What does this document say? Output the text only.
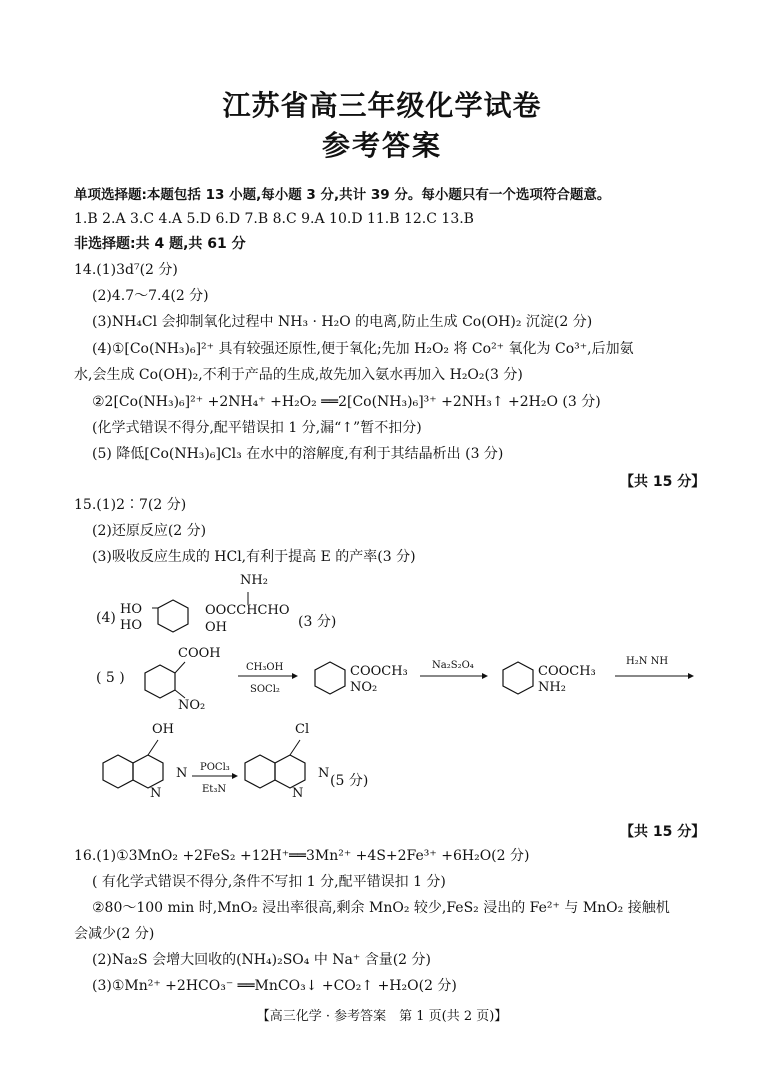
江苏省高三年级化学试卷
参考答案
单项选择题:本题包括 13 小题,每小题 3 分,共计 39 分。每小题只有一个选项符合题意。
1.B 2.A 3.C 4.A 5.D 6.D 7.B 8.C 9.A 10.D 11.B 12.C 13.B
非选择题:共 4 题,共 61 分
14.(1)3d⁷(2 分)
(2)4.7～7.4(2 分)
(3)NH₄Cl 会抑制氧化过程中 NH₃ · H₂O 的电离,防止生成 Co(OH)₂ 沉淀(2 分)
(4)①[Co(NH₃)₆]²⁺ 具有较强还原性,便于氧化;先加 H₂O₂ 将 Co²⁺ 氧化为 Co³⁺,后加氨
水,会生成 Co(OH)₂,不利于产品的生成,故先加入氨水再加入 H₂O₂(3 分)
②2[Co(NH₃)₆]²⁺ +2NH₄⁺ +H₂O₂ ══2[Co(NH₃)₆]³⁺ +2NH₃↑ +2H₂O (3 分)
(化学式错误不得分,配平错误扣 1 分,漏“↑”暂不扣分)
(5) 降低[Co(NH₃)₆]Cl₃ 在水中的溶解度,有利于其结晶析出 (3 分)
【共 15 分】
15.(1)2∶7(2 分)
(2)还原反应(2 分)
(3)吸收反应生成的 HCl,有利于提高 E 的产率(3 分)
(4)
NH₂
HO
HO
OOCCHCHO
OH	(3 分)
( 5 )
COOH
NO₂
CH₃OH
SOCl₂
COOCH₃
NO₂
Na₂S₂O₄	COOCH₃
NH₂
H₂N NH
OH
N
N
POCl₃
Et₃N
Cl
N
N
(5 分)
【共 15 分】
16.(1)①3MnO₂ +2FeS₂ +12H⁺══3Mn²⁺ +4S+2Fe³⁺ +6H₂O(2 分)
( 有化学式错误不得分,条件不写扣 1 分,配平错误扣 1 分)
②80～100 min 时,MnO₂ 浸出率很高,剩余 MnO₂ 较少,FeS₂ 浸出的 Fe²⁺ 与 MnO₂ 接触机
会减少(2 分)
(2)Na₂S 会增大回收的(NH₄)₂SO₄ 中 Na⁺ 含量(2 分)
(3)①Mn²⁺ +2HCO₃⁻ ══MnCO₃↓ +CO₂↑ +H₂O(2 分)
【高三化学 · 参考答案　第 1 页(共 2 页)】
